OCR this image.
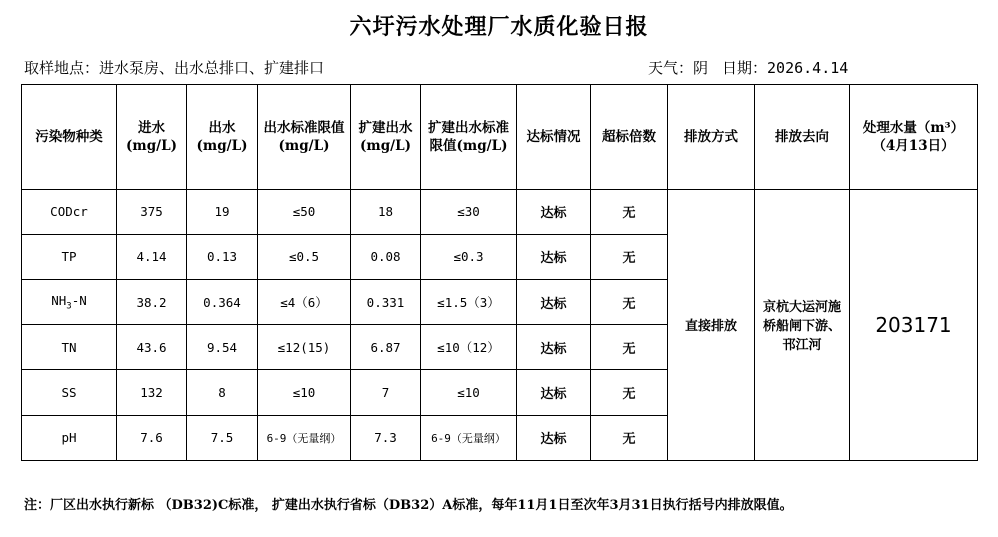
六圩污水处理厂水质化验日报
取样地点：进水泵房、出水总排口、扩建排口	天气：阴 日期：2026.4.14
污染物种类	进水(mg/L)	出水(mg/L)	出水标准限值(mg/L)	扩建出水(mg/L)	扩建出水标准限值(mg/L)	达标情况	超标倍数	排放方式	排放去向	处理水量（m³）
（4月13日）

CODcr	375	19	≤50	18	≤30	达标	无	直接排放	京杭大运河施桥船闸下游、邗江河	203171
TP	4.14	0.13	≤0.5	0.08	≤0.3	达标	无			
$NH_3-N$	38.2	0.364	≤4（6）	0.331	≤1.5（3）	达标	无			
TN	43.6	9.54	≤12(15)	6.87	≤10（12）	达标	无			
SS	132	8	≤10	7	≤10	达标	无			
pH	7.6	7.5	6-9（无量纲）	7.3	6-9（无量纲）	达标	无			
注：厂区出水执行新标 （DB32)C标准， 扩建出水执行省标（DB32）A标准，每年11月1日至次年3月31日执行括号内排放限值。
